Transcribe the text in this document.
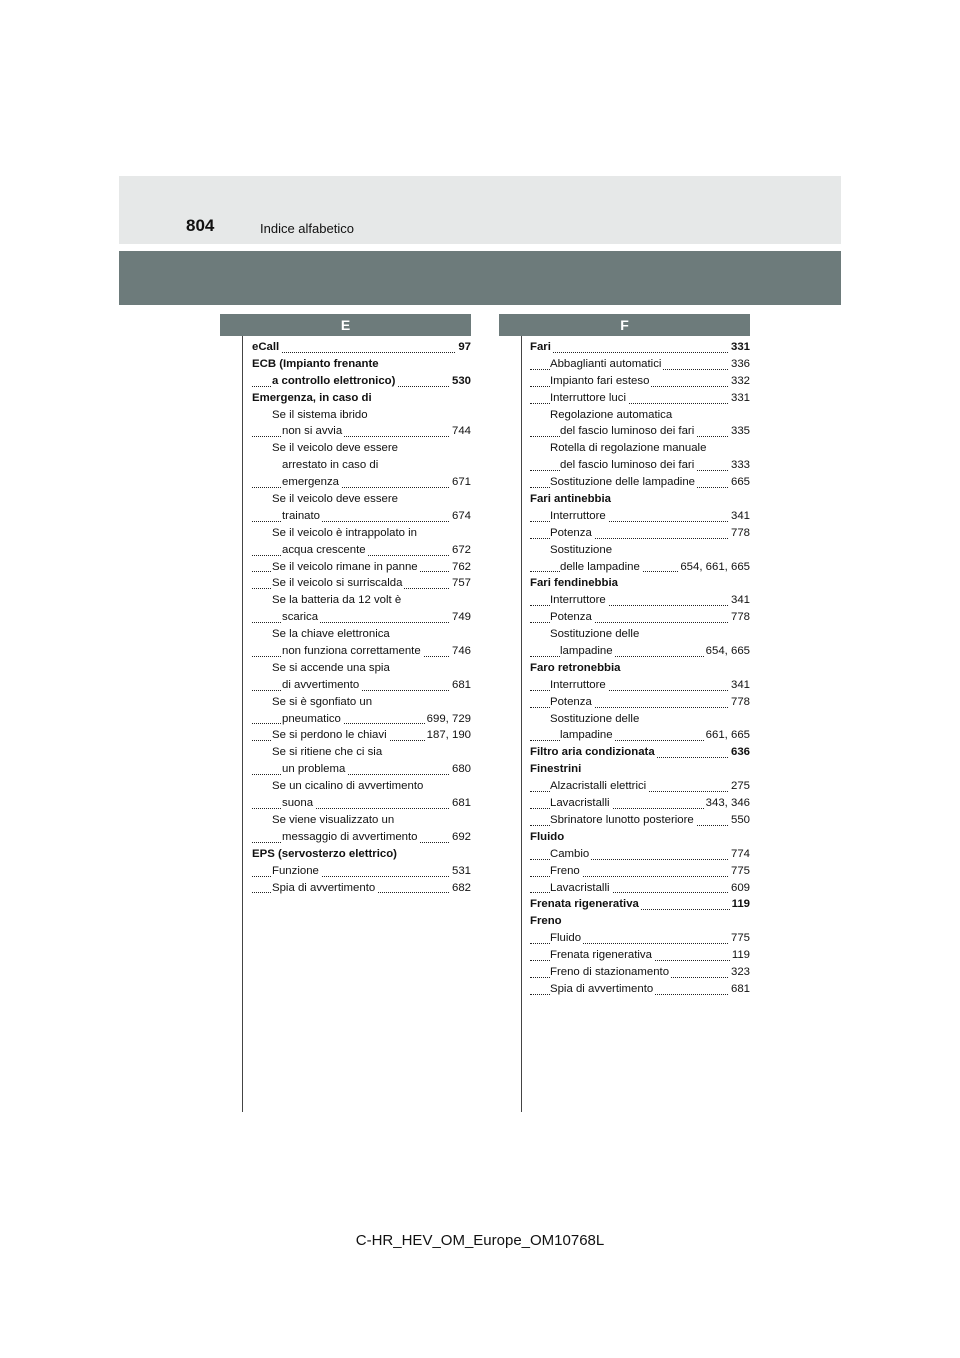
804	Indice alfabetico
E	F
eCall	97
ECB (Impianto frenante
a controllo elettronico)	530
Emergenza, in caso di
Se il sistema ibrido
non si avvia	744
Se il veicolo deve essere
arrestato in caso di
emergenza	671
Se il veicolo deve essere
trainato	674
Se il veicolo è intrappolato in
acqua crescente	672
Se il veicolo rimane in panne	762
Se il veicolo si surriscalda	757
Se la batteria da 12 volt è
scarica	749
Se la chiave elettronica
non funziona correttamente	746
Se si accende una spia
di avvertimento	681
Se si è sgonfiato un
pneumatico	699, 729
Se si perdono le chiavi	187, 190
Se si ritiene che ci sia
un problema	680
Se un cicalino di avvertimento
suona	681
Se viene visualizzato un
messaggio di avvertimento	692
EPS (servosterzo elettrico)
Funzione	531
Spia di avvertimento	682
Fari	331
Abbaglianti automatici	336
Impianto fari esteso	332
Interruttore luci	331
Regolazione automatica
del fascio luminoso dei fari	335
Rotella di regolazione manuale
del fascio luminoso dei fari	333
Sostituzione delle lampadine	665
Fari antinebbia
Interruttore	341
Potenza	778
Sostituzione
delle lampadine	654, 661, 665
Fari fendinebbia
Interruttore	341
Potenza	778
Sostituzione delle
lampadine	654, 665
Faro retronebbia
Interruttore	341
Potenza	778
Sostituzione delle
lampadine	661, 665
Filtro aria condizionata	636
Finestrini
Alzacristalli elettrici	275
Lavacristalli	343, 346
Sbrinatore lunotto posteriore	550
Fluido
Cambio	774
Freno	775
Lavacristalli	609
Frenata rigenerativa	119
Freno
Fluido	775
Frenata rigenerativa	119
Freno di stazionamento	323
Spia di avvertimento	681
C-HR_HEV_OM_Europe_OM10768L
